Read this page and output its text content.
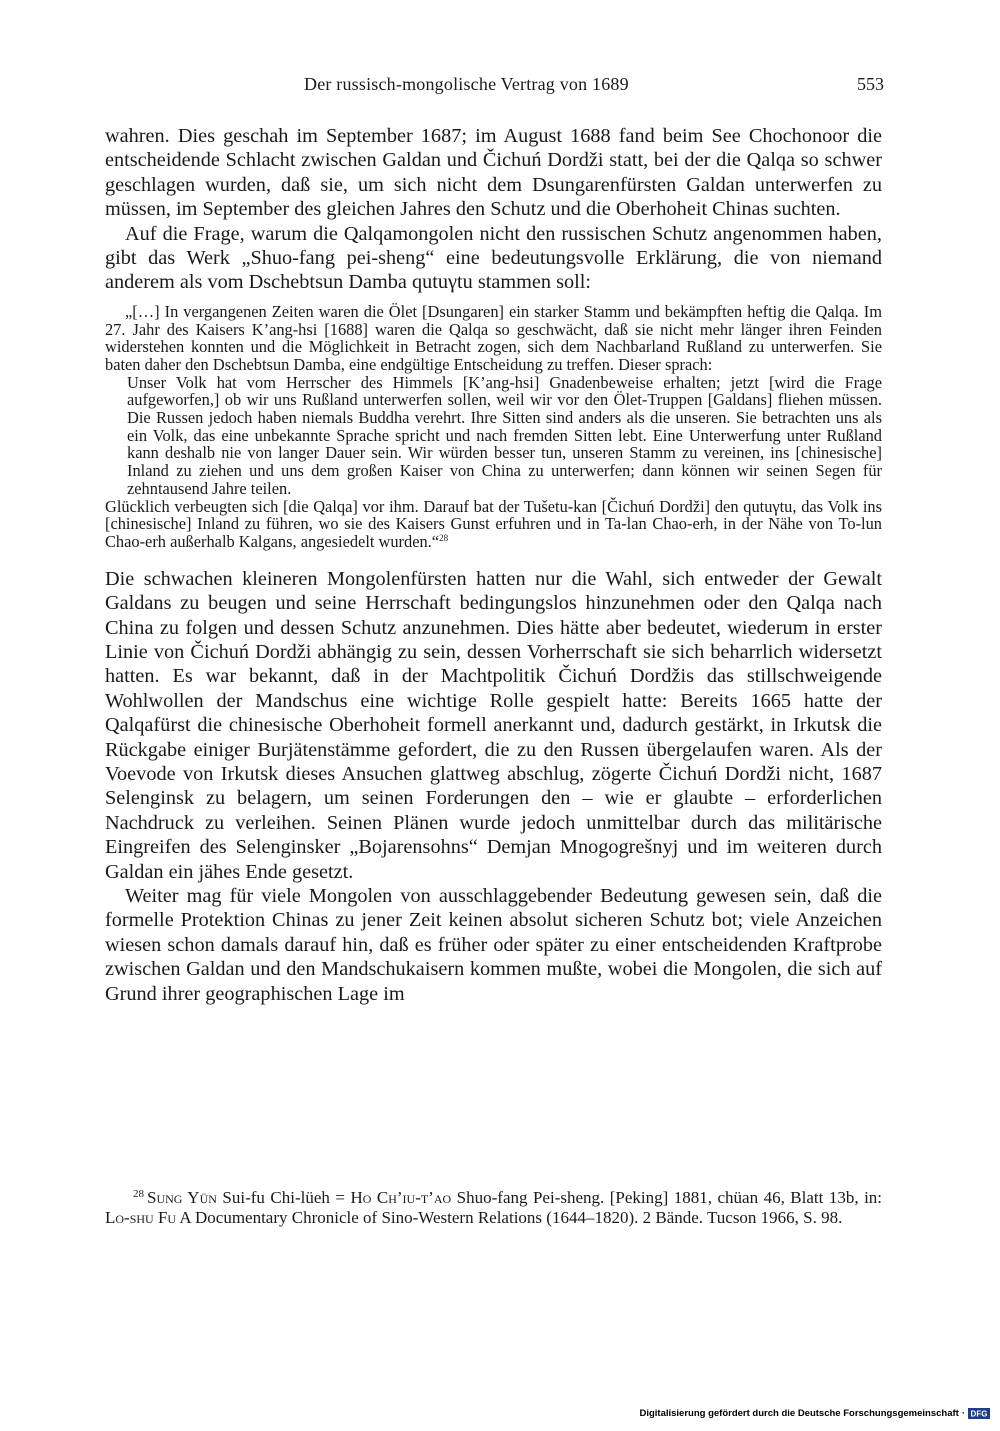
Der russisch-mongolische Vertrag von 1689	553

wahren. Dies geschah im September 1687; im August 1688 fand beim See Chochonoor die entscheidende Schlacht zwischen Galdan und Čichuń Dordži statt, bei der die Qalqa so schwer geschlagen wurden, daß sie, um sich nicht dem Dsungarenfürsten Galdan unterwerfen zu müssen, im September des gleichen Jahres den Schutz und die Oberhoheit Chinas suchten.

Auf die Frage, warum die Qalqamongolen nicht den russischen Schutz angenommen haben, gibt das Werk „Shuo-fang pei-sheng“ eine bedeutungsvolle Erklärung, die von niemand anderem als vom Dschebtsun Damba qutuγtu stammen soll:

„[…] In vergangenen Zeiten waren die Ölet [Dsungaren] ein starker Stamm und bekämpften heftig die Qalqa. Im 27. Jahr des Kaisers K’ang-hsi [1688] waren die Qalqa so geschwächt, daß sie nicht mehr länger ihren Feinden widerstehen konnten und die Möglichkeit in Betracht zogen, sich dem Nachbarland Rußland zu unterwerfen. Sie baten daher den Dschebtsun Damba, eine endgültige Entscheidung zu treffen. Dieser sprach:

Unser Volk hat vom Herrscher des Himmels [K’ang-hsi] Gnadenbeweise erhalten; jetzt [wird die Frage aufgeworfen,] ob wir uns Rußland unterwerfen sollen, weil wir vor den Ölet-Truppen [Galdans] fliehen müssen. Die Russen jedoch haben niemals Buddha verehrt. Ihre Sitten sind anders als die unseren. Sie betrachten uns als ein Volk, das eine unbekannte Sprache spricht und nach fremden Sitten lebt. Eine Unterwerfung unter Rußland kann deshalb nie von langer Dauer sein. Wir würden besser tun, unseren Stamm zu vereinen, ins [chinesische] Inland zu ziehen und uns dem großen Kaiser von China zu unterwerfen; dann können wir seinen Segen für zehntausend Jahre teilen.

Glücklich verbeugten sich [die Qalqa] vor ihm. Darauf bat der Tušetu-kan [Čichuń Dordži] den qutuγtu, das Volk ins [chinesische] Inland zu führen, wo sie des Kaisers Gunst erfuhren und in Ta-lan Chao-erh, in der Nähe von To-lun Chao-erh außerhalb Kalgans, angesiedelt wurden.“$^{28}$

Die schwachen kleineren Mongolenfürsten hatten nur die Wahl, sich entweder der Gewalt Galdans zu beugen und seine Herrschaft bedingungslos hinzunehmen oder den Qalqa nach China zu folgen und dessen Schutz anzunehmen. Dies hätte aber bedeutet, wiederum in erster Linie von Čichuń Dordži abhängig zu sein, dessen Vorherrschaft sie sich beharrlich widersetzt hatten. Es war bekannt, daß in der Machtpolitik Čichuń Dordžis das stillschweigende Wohlwollen der Mandschus eine wichtige Rolle gespielt hatte: Bereits 1665 hatte der Qalqafürst die chinesische Oberhoheit formell anerkannt und, dadurch gestärkt, in Irkutsk die Rückgabe einiger Burjätenstämme gefordert, die zu den Russen übergelaufen waren. Als der Voevode von Irkutsk dieses Ansuchen glattweg abschlug, zögerte Čichuń Dordži nicht, 1687 Selenginsk zu belagern, um seinen Forderungen den – wie er glaubte – erforderlichen Nachdruck zu verleihen. Seinen Plänen wurde jedoch unmittelbar durch das militärische Eingreifen des Selenginsker „Bojarensohns“ Demjan Mnogogrešnyj und im weiteren durch Galdan ein jähes Ende gesetzt.

Weiter mag für viele Mongolen von ausschlaggebender Bedeutung gewesen sein, daß die formelle Protektion Chinas zu jener Zeit keinen absolut sicheren Schutz bot; viele Anzeichen wiesen schon damals darauf hin, daß es früher oder später zu einer entscheidenden Kraftprobe zwischen Galdan und den Mandschukaisern kommen mußte, wobei die Mongolen, die sich auf Grund ihrer geographischen Lage im

$^{28}$ Sung Yün Sui-fu Chi-lüeh = Ho Ch’iu-t’ao Shuo-fang Pei-sheng. [Peking] 1881, chüan 46, Blatt 13b, in: Lo-shu Fu A Documentary Chronicle of Sino-Western Relations (1644–1820). 2 Bände. Tucson 1966, S. 98.

Digitalisierung gefördert durch die Deutsche Forschungsgemeinschaft · DFG
